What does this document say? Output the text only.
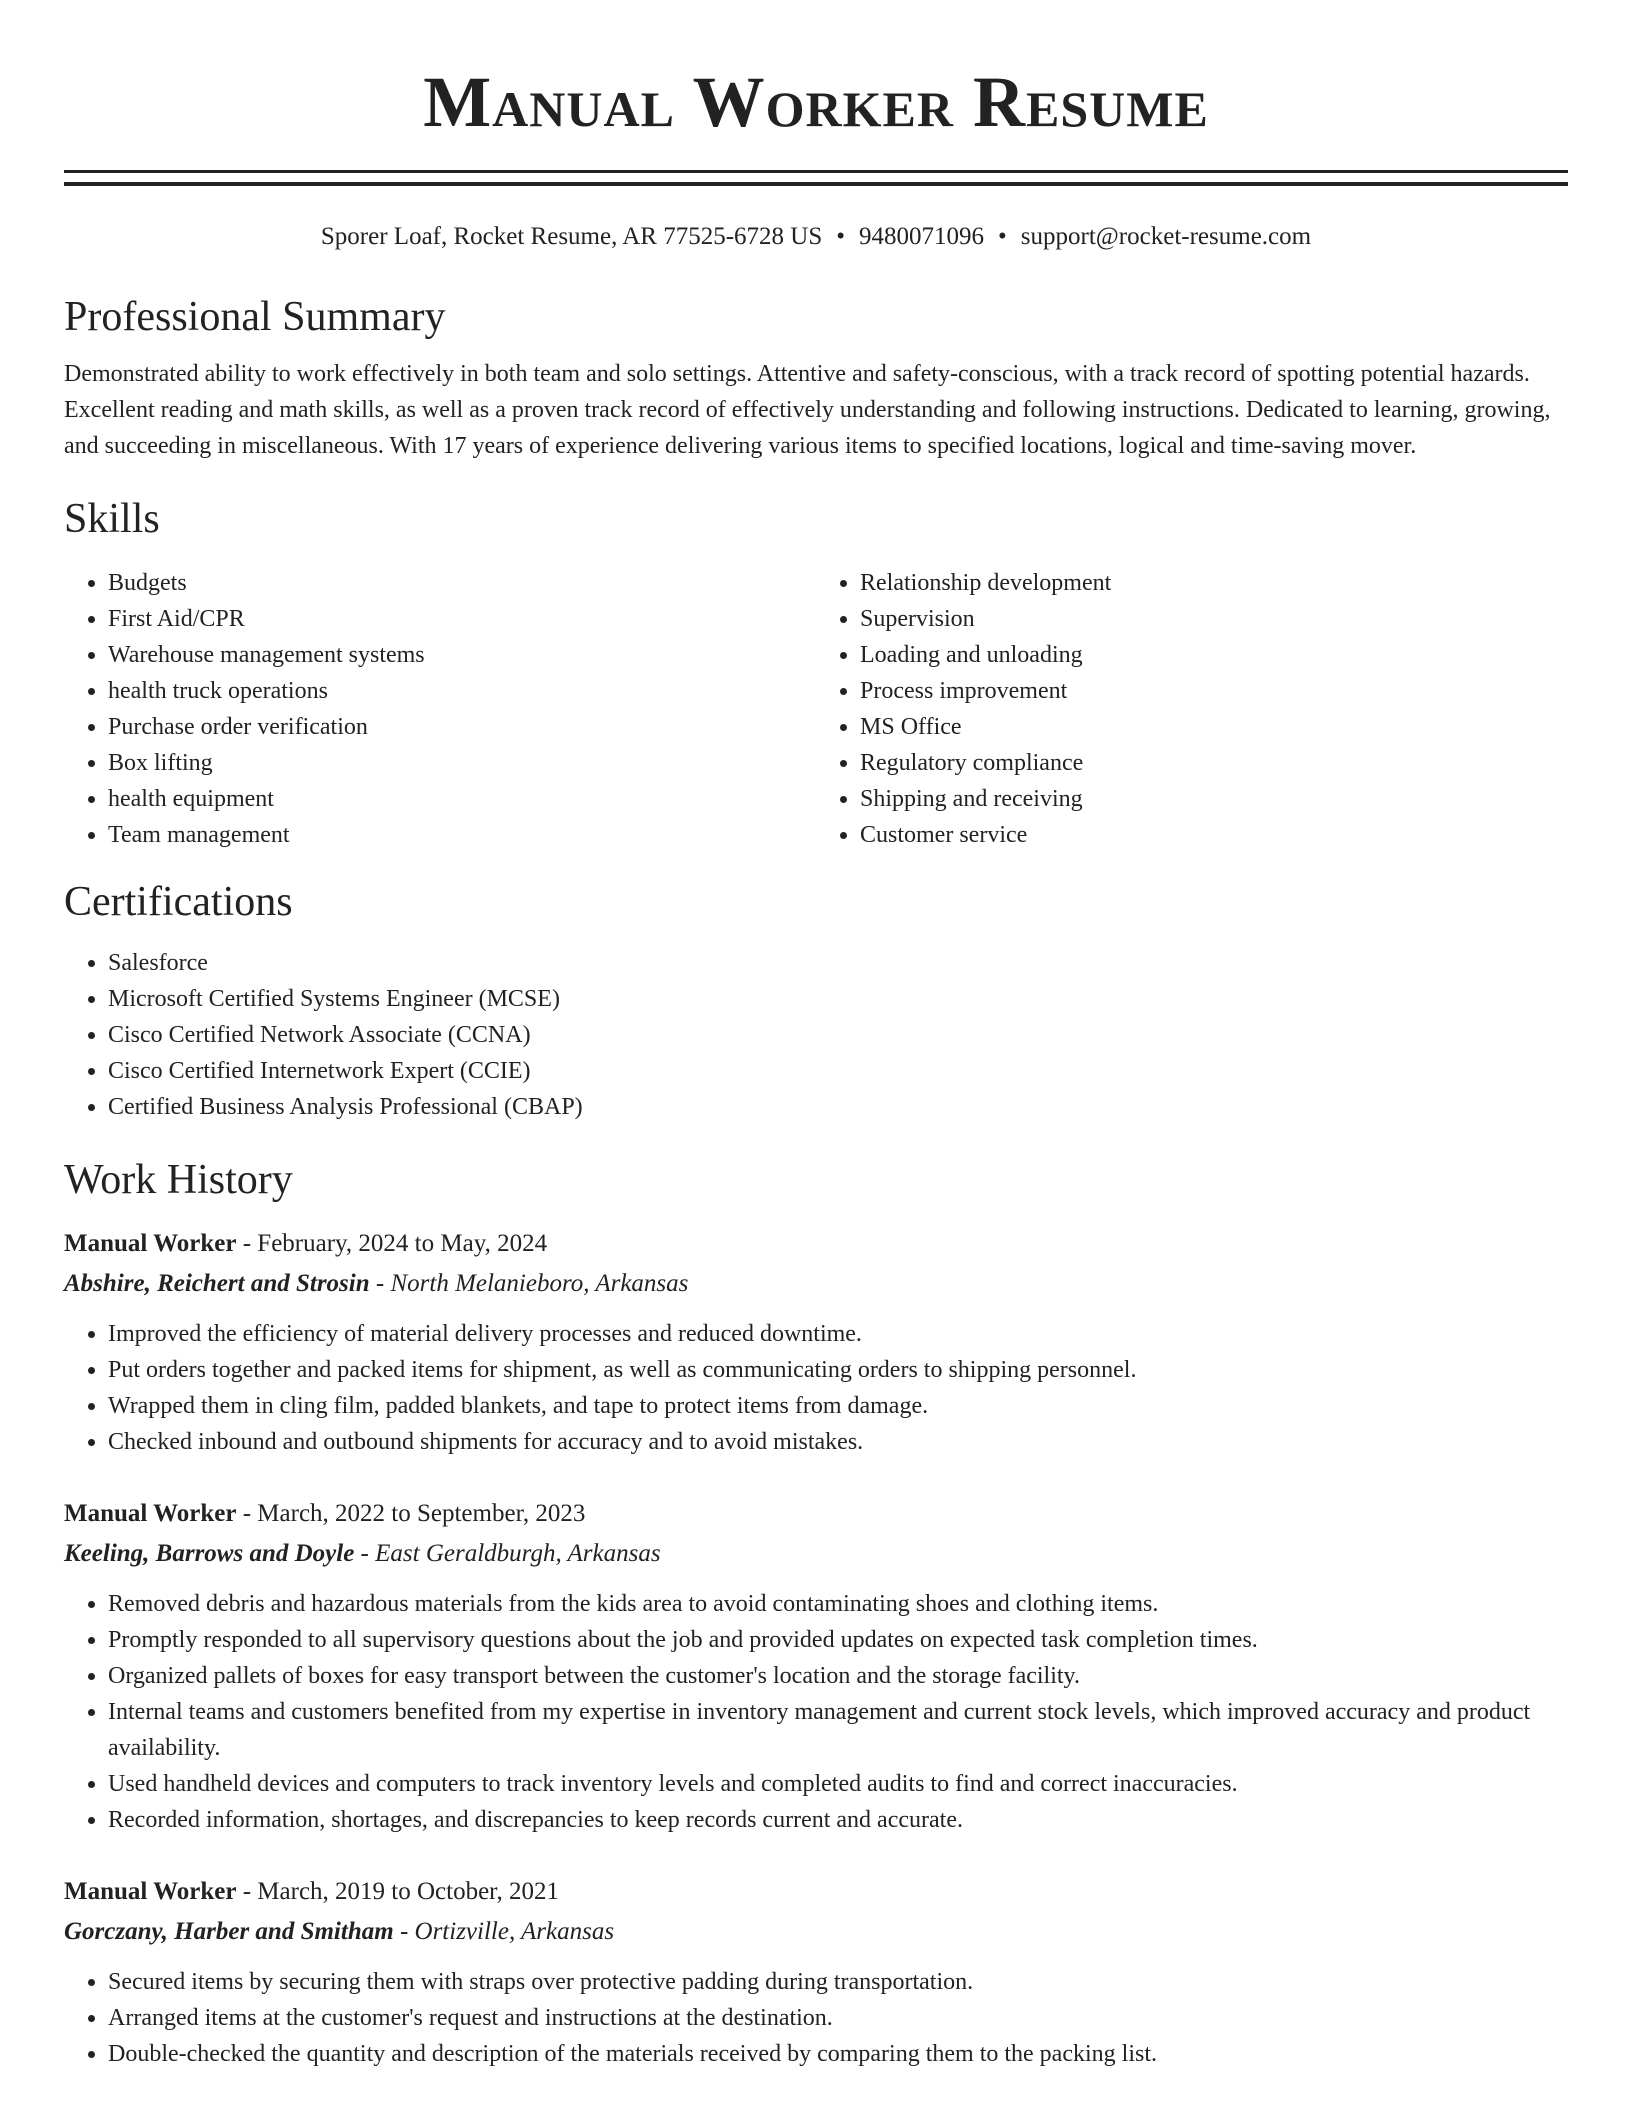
Manual Worker Resume
Sporer Loaf, Rocket Resume, AR 77525-6728 US • 9480071096 • support@rocket-resume.com
Professional Summary

Demonstrated ability to work effectively in both team and solo settings. Attentive and safety-conscious, with a track record of spotting potential hazards. Excellent reading and math skills, as well as a proven track record of effectively understanding and following instructions. Dedicated to learning, growing, and succeeding in miscellaneous. With 17 years of experience delivering various items to specified locations, logical and time-saving mover.

Skills
• Budgets
• First Aid/CPR
• Warehouse management systems
• health truck operations
• Purchase order verification
• Box lifting
• health equipment
• Team management
• Relationship development
• Supervision
• Loading and unloading
• Process improvement
• MS Office
• Regulatory compliance
• Shipping and receiving
• Customer service
Certifications
• Salesforce
• Microsoft Certified Systems Engineer (MCSE)
• Cisco Certified Network Associate (CCNA)
• Cisco Certified Internetwork Expert (CCIE)
• Certified Business Analysis Professional (CBAP)
Work History
Manual Worker - February, 2024 to May, 2024
Abshire, Reichert and Strosin - North Melanieboro, Arkansas
• Improved the efficiency of material delivery processes and reduced downtime.
• Put orders together and packed items for shipment, as well as communicating orders to shipping personnel.
• Wrapped them in cling film, padded blankets, and tape to protect items from damage.
• Checked inbound and outbound shipments for accuracy and to avoid mistakes.
Manual Worker - March, 2022 to September, 2023
Keeling, Barrows and Doyle - East Geraldburgh, Arkansas
• Removed debris and hazardous materials from the kids area to avoid contaminating shoes and clothing items.
• Promptly responded to all supervisory questions about the job and provided updates on expected task completion times.
• Organized pallets of boxes for easy transport between the customer's location and the storage facility.
• Internal teams and customers benefited from my expertise in inventory management and current stock levels, which improved accuracy and product availability.
• Used handheld devices and computers to track inventory levels and completed audits to find and correct inaccuracies.
• Recorded information, shortages, and discrepancies to keep records current and accurate.
Manual Worker - March, 2019 to October, 2021
Gorczany, Harber and Smitham - Ortizville, Arkansas
• Secured items by securing them with straps over protective padding during transportation.
• Arranged items at the customer's request and instructions at the destination.
• Double-checked the quantity and description of the materials received by comparing them to the packing list.
